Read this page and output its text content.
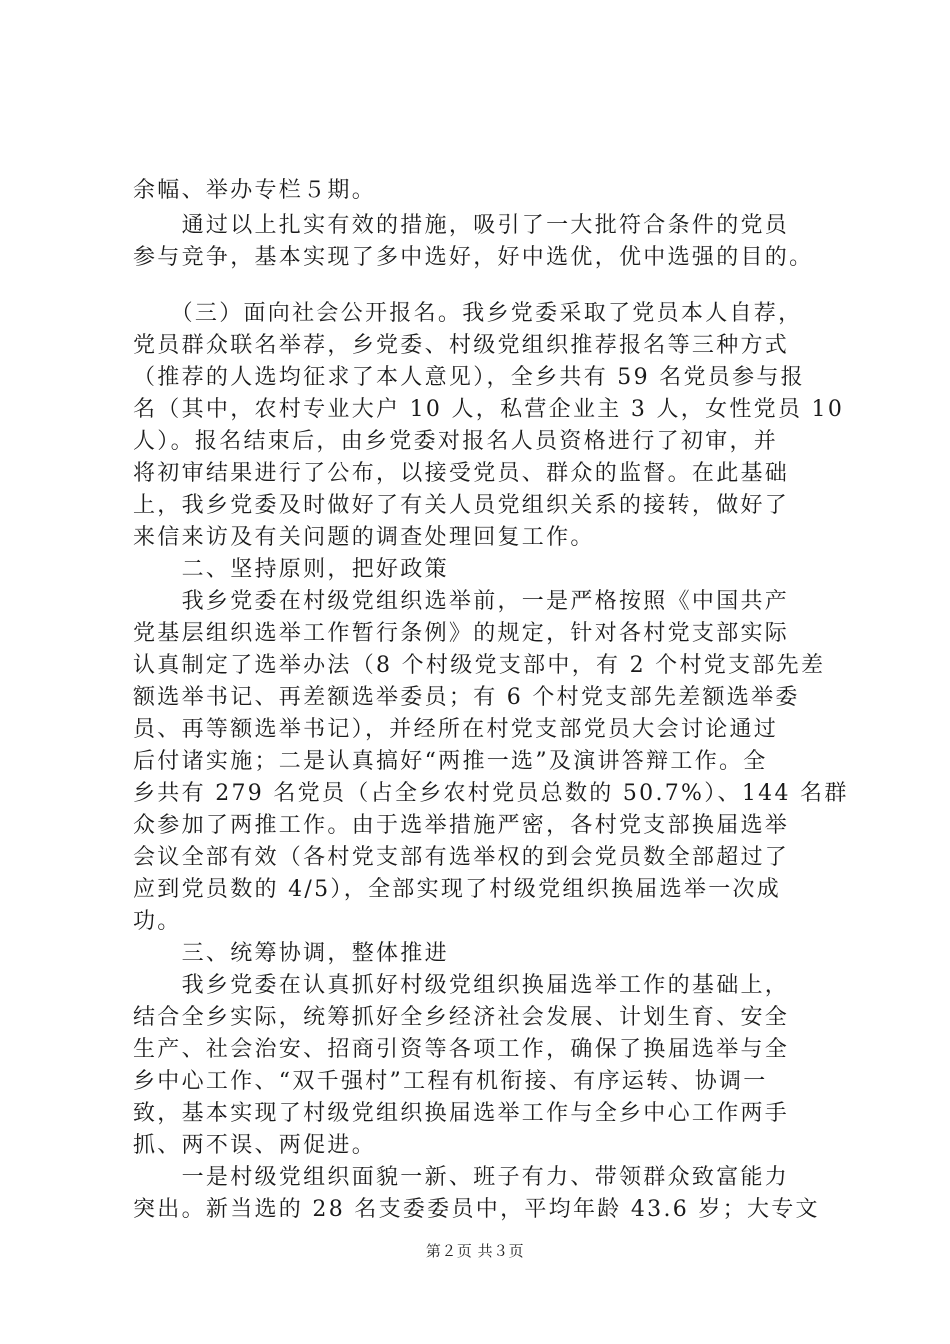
余幅、举办专栏５期。
　　通过以上扎实有效的措施，吸引了一大批符合条件的党员
参与竞争，基本实现了多中选好，好中选优，优中选强的目的。
　　（三）面向社会公开报名。我乡党委采取了党员本人自荐，
党员群众联名举荐，乡党委、村级党组织推荐报名等三种方式
（推荐的人选均征求了本人意见），全乡共有 59 名党员参与报
名（其中，农村专业大户 10 人，私营企业主 3 人，女性党员 10
人）。报名结束后，由乡党委对报名人员资格进行了初审，并
将初审结果进行了公布，以接受党员、群众的监督。在此基础
上，我乡党委及时做好了有关人员党组织关系的接转，做好了
来信来访及有关问题的调查处理回复工作。
　　二、坚持原则，把好政策
　　我乡党委在村级党组织选举前，一是严格按照《中国共产
党基层组织选举工作暂行条例》的规定，针对各村党支部实际
认真制定了选举办法（8 个村级党支部中，有 2 个村党支部先差
额选举书记、再差额选举委员；有 6 个村党支部先差额选举委
员、再等额选举书记），并经所在村党支部党员大会讨论通过
后付诸实施；二是认真搞好“两推一选”及演讲答辩工作。全
乡共有 279 名党员（占全乡农村党员总数的 50.7%）、144 名群
众参加了两推工作。由于选举措施严密，各村党支部换届选举
会议全部有效（各村党支部有选举权的到会党员数全部超过了
应到党员数的 4/5），全部实现了村级党组织换届选举一次成
功。
　　三、统筹协调，整体推进
　　我乡党委在认真抓好村级党组织换届选举工作的基础上，
结合全乡实际，统筹抓好全乡经济社会发展、计划生育、安全
生产、社会治安、招商引资等各项工作，确保了换届选举与全
乡中心工作、“双千强村”工程有机衔接、有序运转、协调一
致，基本实现了村级党组织换届选举工作与全乡中心工作两手
抓、两不误、两促进。
　　一是村级党组织面貌一新、班子有力、带领群众致富能力
突出。新当选的 28 名支委委员中，平均年龄 43.6 岁；大专文
第２页 共３页
